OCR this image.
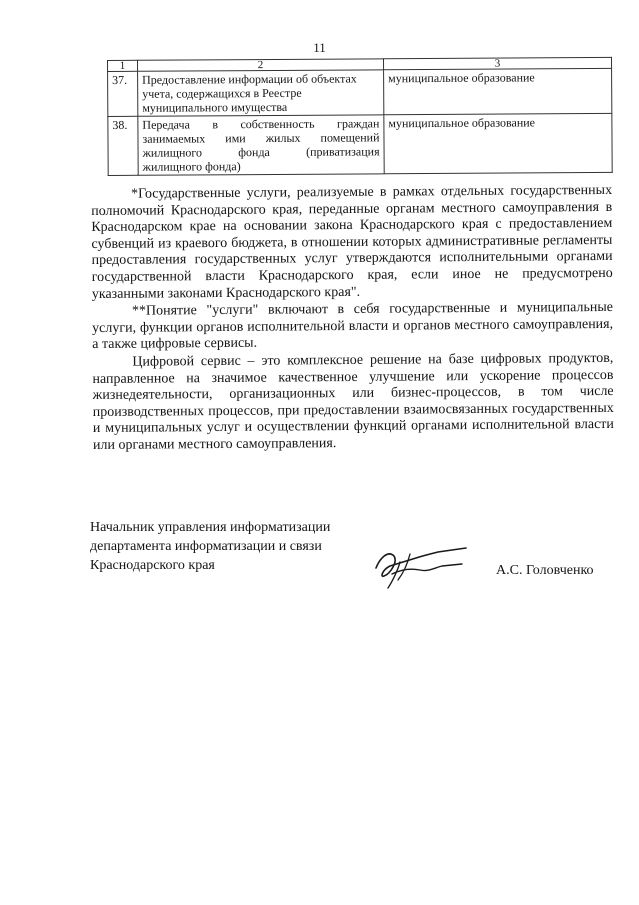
11
1	2	3
37.	Предоставление информации об объектах
учета, содержащихся в Реестре
муниципального имущества	муниципальное образование
38.	Передача в собственность граждан занимаемых ими жилых помещений жилищного фонда (приватизация
жилищного фонда)	муниципальное образование

*Государственные услуги, реализуемые в рамках отдельных государственных полномочий Краснодарского края, переданные органам местного самоуправления в Краснодарском крае на основании закона Краснодарского края с предоставлением субвенций из краевого бюджета, в отношении которых административные регламенты предоставления государственных услуг утверждаются исполнительными органами государственной власти Краснодарского края, если иное не предусмотрено указанными законами Краснодарского края".

**Понятие "услуги" включают в себя государственные и муниципальные услуги, функции органов исполнительной власти и органов местного самоуправления, а также цифровые сервисы.

Цифровой сервис – это комплексное решение на базе цифровых продуктов, направленное на значимое качественное улучшение или ускорение процессов жизнедеятельности, организационных или бизнес-процессов, в том числе производственных процессов, при предоставлении взаимосвязанных государственных и муниципальных услуг и осуществлении функций органами исполнительной власти или органами местного самоуправления.

Начальник управления информатизации
департамента информатизации и связи
Краснодарского края	А.С. Головченко
